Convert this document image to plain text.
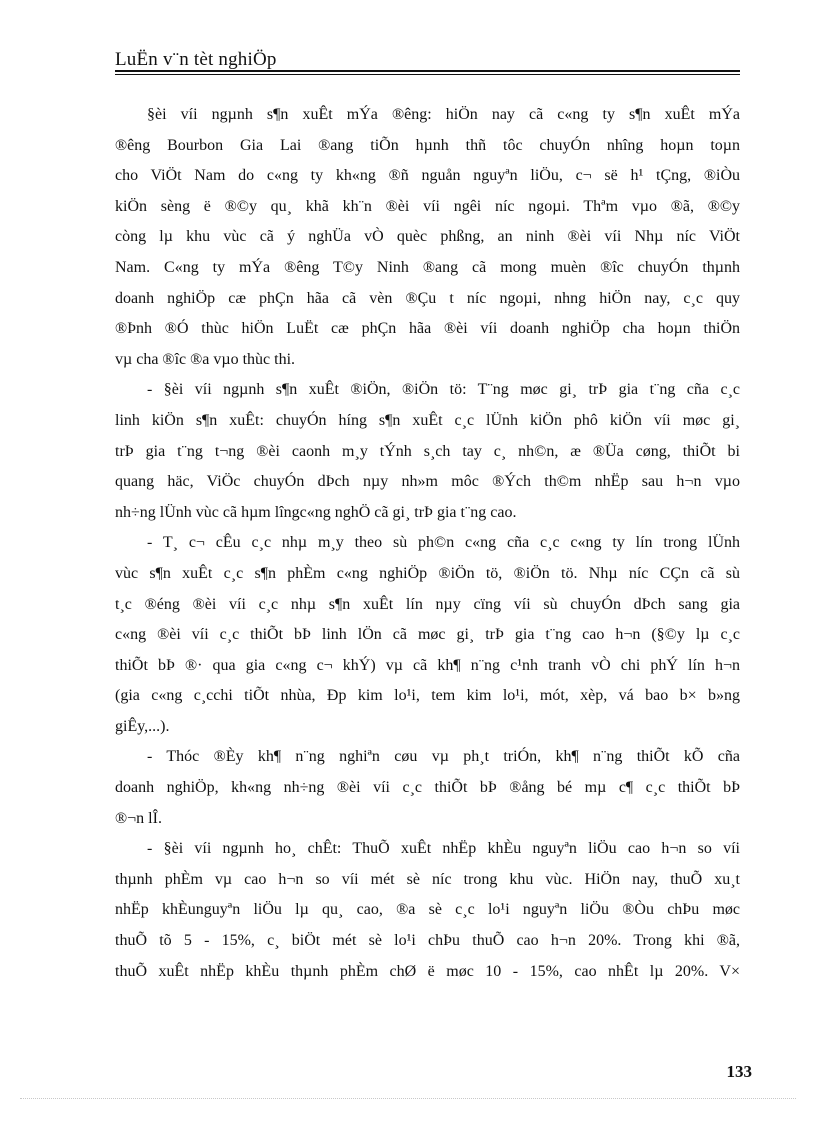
LuËn v¨n tèt nghiÖp
§èi víi ngµnh s¶n xuÊt mÝa ®êng: hiÖn nay cã c«ng ty s¶n xuÊt mÝa
®êng Bourbon Gia Lai ®ang tiÕn hµnh thñ tôc chuyÓn nhîng hoµn toµn
cho ViÖt Nam do c«ng ty kh«ng ®ñ nguån nguyªn liÖu, c¬ së h¹ tÇng, ®iÒu
kiÖn sèng ë ®©y qu¸ khã kh¨n ®èi víi ngêi níc ngoµi. Thªm vµo ®ã, ®©y
còng lµ khu vùc cã ý nghÜa vÒ quèc phßng, an ninh ®èi víi Nhµ níc ViÖt
Nam. C«ng ty mÝa ®êng T©y Ninh ®ang cã mong muèn ®îc chuyÓn thµnh
doanh nghiÖp cæ phÇn hãa cã vèn ®Çu t níc ngoµi, nhng hiÖn nay, c¸c quy
®Þnh ®Ó thùc hiÖn LuËt cæ phÇn hãa ®èi víi doanh nghiÖp cha hoµn thiÖn
vµ cha ®îc ®a vµo thùc thi.
- §èi víi ngµnh s¶n xuÊt ®iÖn, ®iÖn tö: T¨ng møc gi¸ trÞ gia t¨ng cña c¸c
linh kiÖn s¶n xuÊt: chuyÓn híng s¶n xuÊt c¸c lÜnh kiÖn phô kiÖn víi møc gi¸
trÞ gia t¨ng t¬ng ®èi caonh m¸y tÝnh s¸ch tay c¸ nh©n, æ ®Üa cøng, thiÕt bi
quang häc, ViÖc chuyÓn dÞch nµy nh»m môc ®Ých th©m nhËp sau h¬n vµo
nh÷ng lÜnh vùc cã hµm lîngc«ng nghÖ cã gi¸ trÞ gia t¨ng cao.
- T¸ c¬ cÊu c¸c nhµ m¸y theo sù ph©n c«ng cña c¸c c«ng ty lín trong lÜnh
vùc s¶n xuÊt c¸c s¶n phÈm c«ng nghiÖp ®iÖn tö, ®iÖn tö. Nhµ níc CÇn cã sù
t¸c ®éng ®èi víi c¸c nhµ s¶n xuÊt lín nµy cïng víi sù chuyÓn dÞch sang gia
c«ng ®èi víi c¸c thiÕt bÞ linh lÖn cã møc gi¸ trÞ gia t¨ng cao h¬n (§©y lµ c¸c
thiÕt bÞ ®· qua gia c«ng c¬ khÝ) vµ cã kh¶ n¨ng c¹nh tranh vÒ chi phÝ lín h¬n
(gia c«ng c¸cchi tiÕt nhùa, Ðp kim lo¹i, tem kim lo¹i, mót, xèp, vá bao b× b»ng
giÊy,...).
- Thóc ®Èy kh¶ n¨ng nghiªn cøu vµ ph¸t triÓn, kh¶ n¨ng thiÕt kÕ cña
doanh nghiÖp, kh«ng nh÷ng ®èi víi c¸c thiÕt bÞ ®ång bé mµ c¶ c¸c thiÕt bÞ
®¬n lÎ.
- §èi víi ngµnh ho¸ chÊt: ThuÕ xuÊt nhËp khÈu nguyªn liÖu cao h¬n so víi
thµnh phÈm vµ cao h¬n so víi mét sè níc trong khu vùc. HiÖn nay, thuÕ xu¸t
nhËp khÈunguyªn liÖu lµ qu¸ cao, ®a sè c¸c lo¹i nguyªn liÖu ®Òu chÞu møc
thuÕ tõ 5 - 15%, c¸ biÖt mét sè lo¹i chÞu thuÕ cao h¬n 20%. Trong khi ®ã,
thuÕ xuÊt nhËp khÈu thµnh phÈm chØ ë møc 10 - 15%, cao nhÊt lµ 20%. V×
133
